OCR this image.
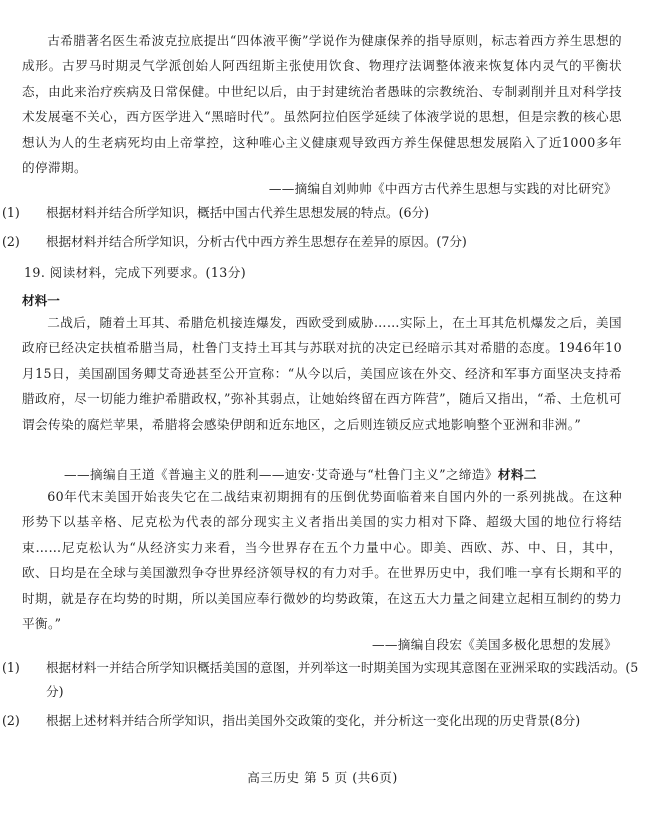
古希腊著名医生希波克拉底提出“四体液平衡”学说作为健康保养的指导原则，标志着西方养生思想的成形。古罗马时期灵气学派创始人阿西纽斯主张使用饮食、物理疗法调整体液来恢复体内灵气的平衡状态，由此来治疗疾病及日常保健。中世纪以后，由于封建统治者愚昧的宗教统治、专制剥削并且对科学技术发展毫不关心，西方医学进入“黑暗时代”。虽然阿拉伯医学延续了体液学说的思想，但是宗教的核心思想认为人的生老病死均由上帝掌控，这种唯心主义健康观导致西方养生保健思想发展陷入了近1000多年的停滞期。

——摘编自刘帅帅《中西方古代养生思想与实践的对比研究》

(1) 根据材料并结合所学知识，概括中国古代养生思想发展的特点。(6分)

(2) 根据材料并结合所学知识，分析古代中西方养生思想存在差异的原因。(7分)

19. 阅读材料，完成下列要求。(13分)

材料一

二战后，随着土耳其、希腊危机接连爆发，西欧受到威胁……实际上，在土耳其危机爆发之后，美国政府已经决定扶植希腊当局，杜鲁门支持土耳其与苏联对抗的决定已经暗示其对希腊的态度。1946年10月15日，美国副国务卿艾奇逊甚至公开宣称：“从今以后，美国应该在外交、经济和军事方面坚决支持希腊政府，尽一切能力维护希腊政权，”弥补其弱点，让她始终留在西方阵营”，随后又指出，“希、土危机可谓会传染的腐烂苹果，希腊将会感染伊朗和近东地区，之后则连锁反应式地影响整个亚洲和非洲。”

——摘编自王道《普遍主义的胜利——迪安·艾奇逊与“杜鲁门主义”之缔造》材料二

60年代末美国开始丧失它在二战结束初期拥有的压倒优势面临着来自国内外的一系列挑战。在这种形势下以基辛格、尼克松为代表的部分现实主义者指出美国的实力相对下降、超级大国的地位行将结束……尼克松认为“从经济实力来看，当今世界存在五个力量中心。即美、西欧、苏、中、日，其中，欧、日均是在全球与美国激烈争夺世界经济领导权的有力对手。在世界历史中，我们唯一享有长期和平的时期，就是存在均势的时期，所以美国应奉行微妙的均势政策，在这五大力量之间建立起相互制约的势力平衡。”

——摘编自段宏《美国多极化思想的发展》

(1) 根据材料一并结合所学知识概括美国的意图，并列举这一时期美国为实现其意图在亚洲采取的实践活动。(5分)

(2) 根据上述材料并结合所学知识，指出美国外交政策的变化，并分析这一变化出现的历史背景(8分)

高三历史 第 5 页 (共6页)
